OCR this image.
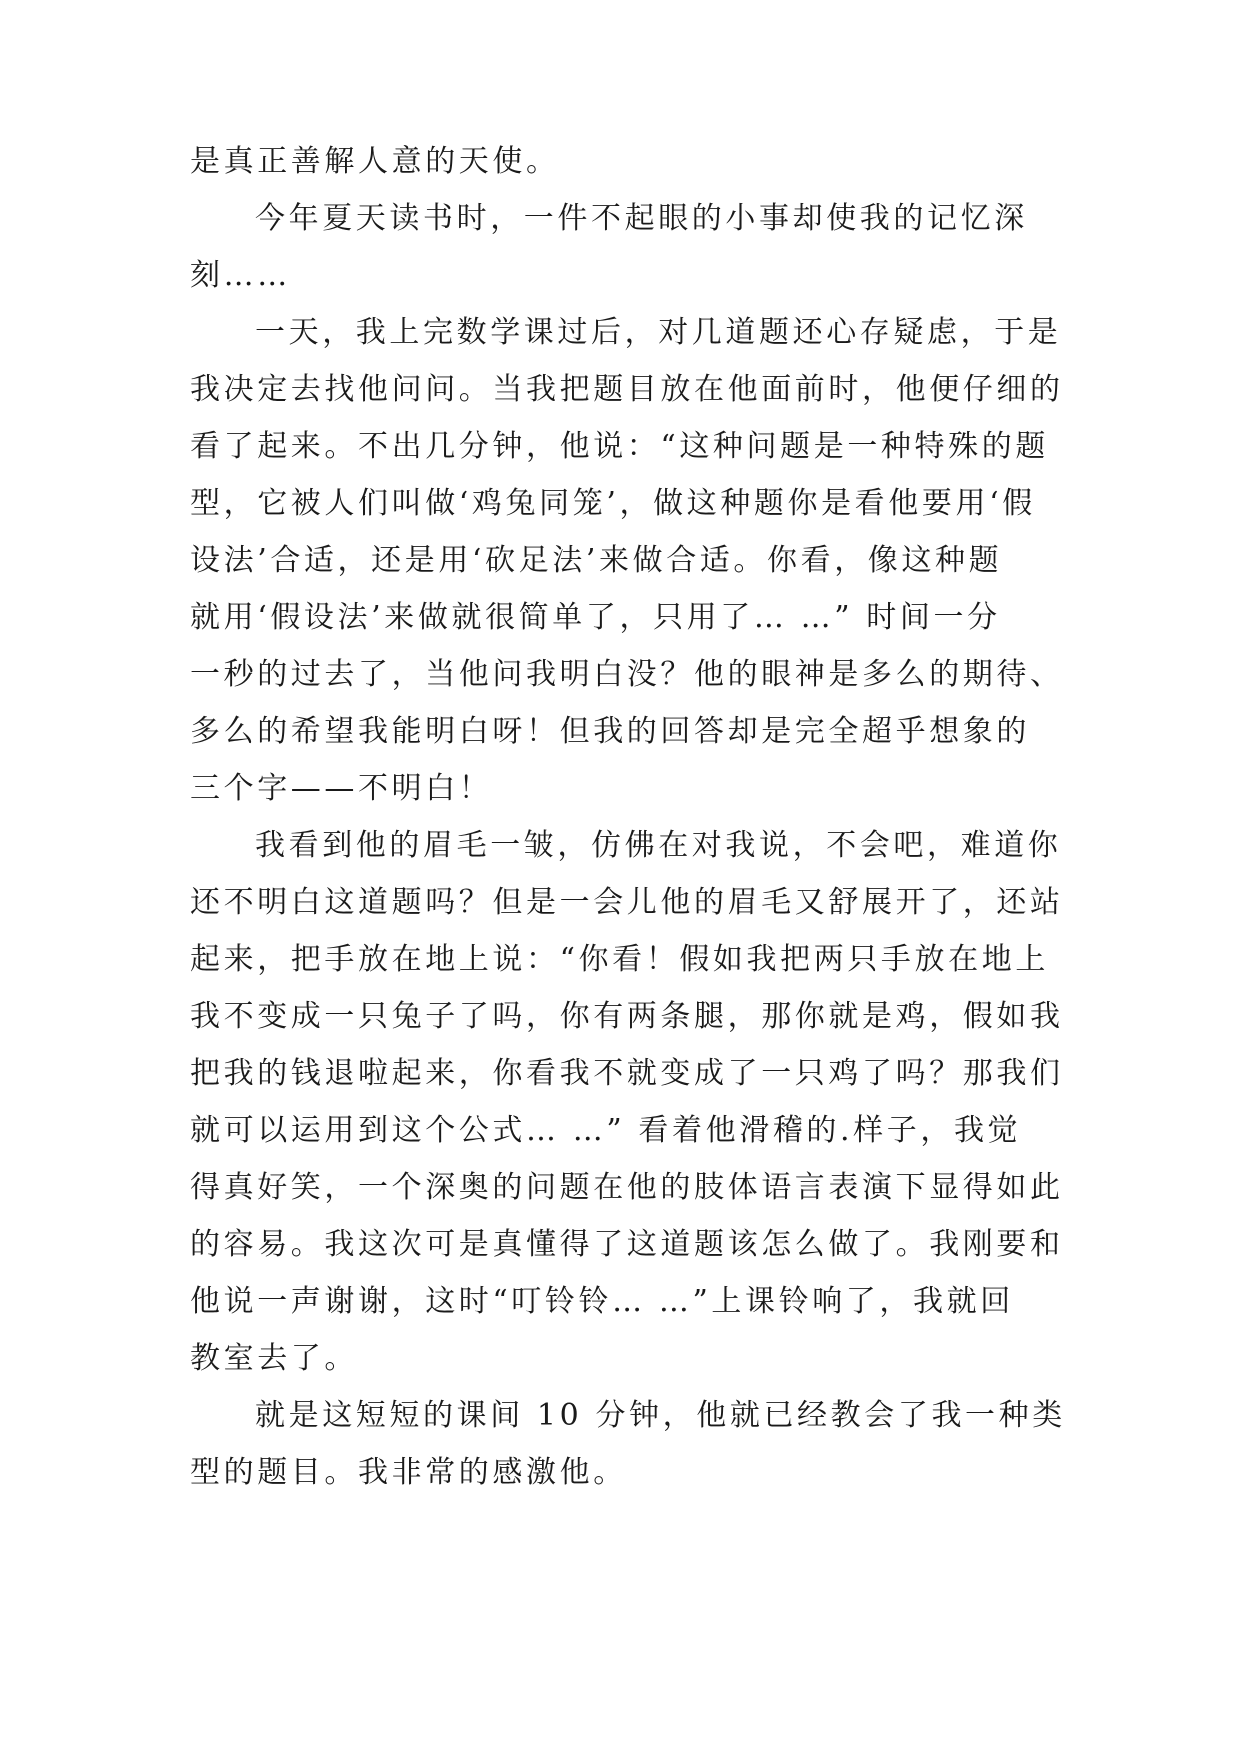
是真正善解人意的天使。
今年夏天读书时，一件不起眼的小事却使我的记忆深
刻……
一天，我上完数学课过后，对几道题还心存疑虑，于是
我决定去找他问问。当我把题目放在他面前时，他便仔细的
看了起来。不出几分钟，他说：“这种问题是一种特殊的题
型，它被人们叫做‘鸡兔同笼’，做这种题你是看他要用‘假
设法’合适，还是用‘砍足法’来做合适。你看，像这种题
就用‘假设法’来做就很简单了，只用了… …” 时间一分
一秒的过去了，当他问我明白没？他的眼神是多么的期待、
多么的希望我能明白呀！但我的回答却是完全超乎想象的
三个字——不明白！
我看到他的眉毛一皱，仿佛在对我说，不会吧，难道你
还不明白这道题吗？但是一会儿他的眉毛又舒展开了，还站
起来，把手放在地上说：“你看！假如我把两只手放在地上
我不变成一只兔子了吗，你有两条腿，那你就是鸡，假如我
把我的钱退啦起来，你看我不就变成了一只鸡了吗？那我们
就可以运用到这个公式… …” 看着他滑稽的.样子，我觉
得真好笑，一个深奥的问题在他的肢体语言表演下显得如此
的容易。我这次可是真懂得了这道题该怎么做了。我刚要和
他说一声谢谢，这时“叮铃铃… …”上课铃响了，我就回
教室去了。
就是这短短的课间 10 分钟，他就已经教会了我一种类
型的题目。我非常的感激他。
